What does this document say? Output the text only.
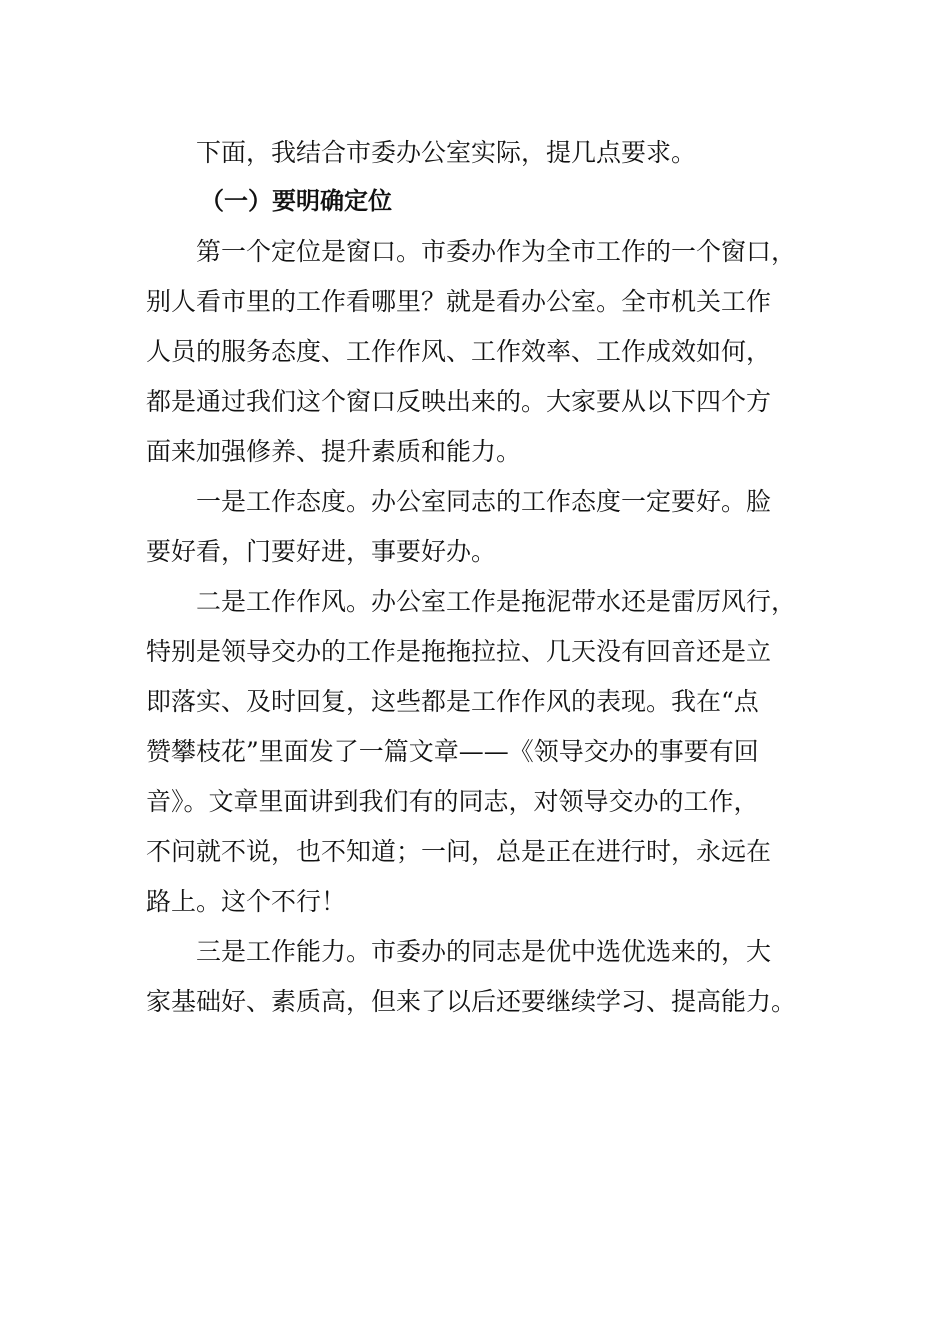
下面，我结合市委办公室实际，提几点要求。
（一）要明确定位
第一个定位是窗口。市委办作为全市工作的一个窗口，
别人看市里的工作看哪里？就是看办公室。全市机关工作
人员的服务态度、工作作风、工作效率、工作成效如何，
都是通过我们这个窗口反映出来的。大家要从以下四个方
面来加强修养、提升素质和能力。
一是工作态度。办公室同志的工作态度一定要好。脸
要好看，门要好进，事要好办。
二是工作作风。办公室工作是拖泥带水还是雷厉风行，
特别是领导交办的工作是拖拖拉拉、几天没有回音还是立
即落实、及时回复，这些都是工作作风的表现。我在“点
赞攀枝花”里面发了一篇文章——《领导交办的事要有回
音》。文章里面讲到我们有的同志，对领导交办的工作，
不问就不说，也不知道；一问，总是正在进行时，永远在
路上。这个不行！
三是工作能力。市委办的同志是优中选优选来的，大
家基础好、素质高，但来了以后还要继续学习、提高能力。
